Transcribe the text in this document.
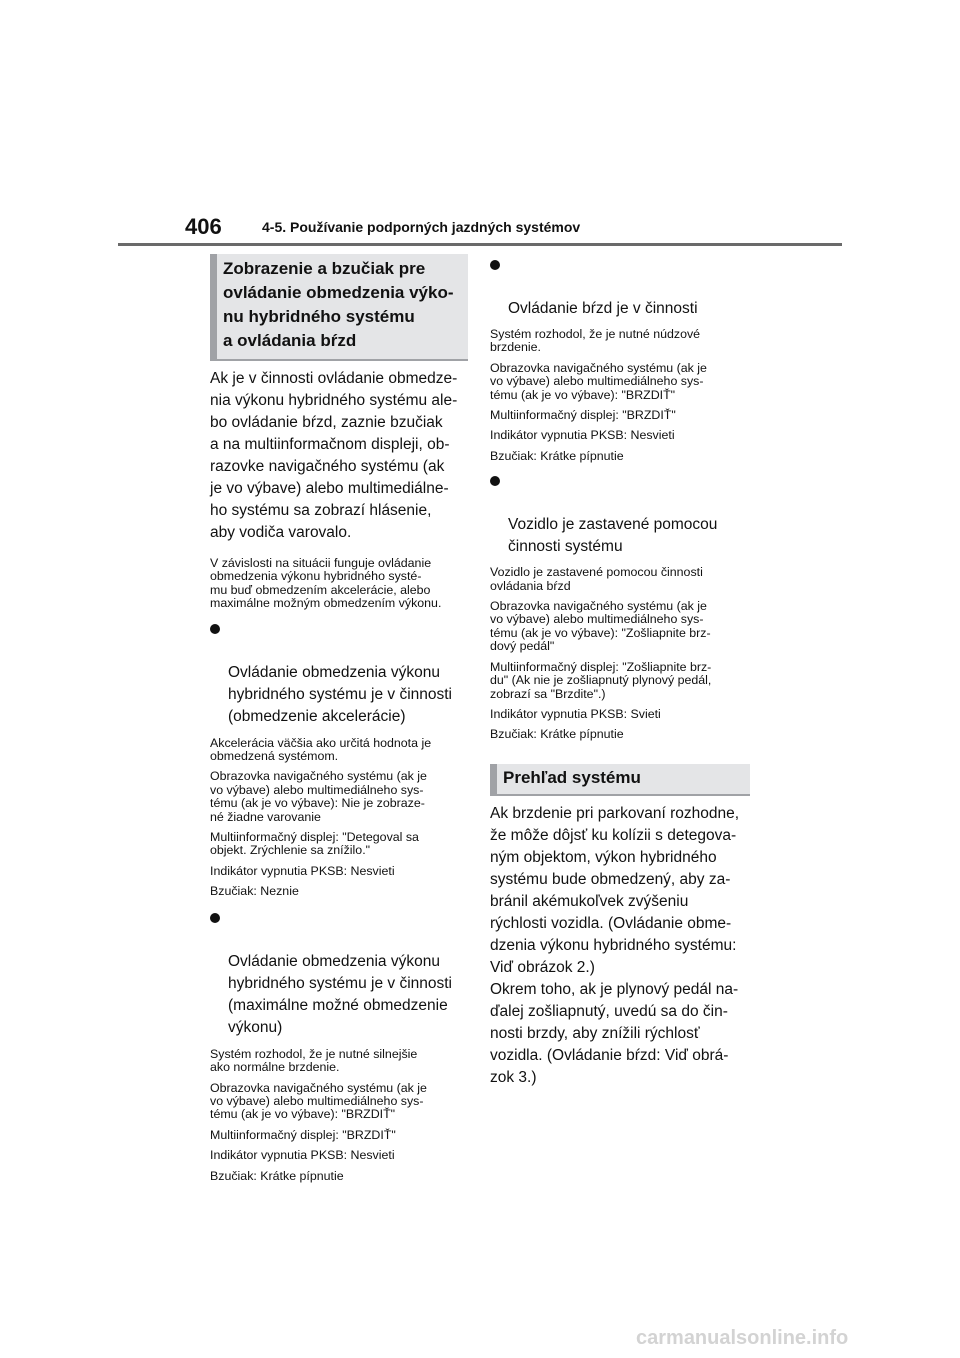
406	4-5. Používanie podporných jazdných systémov
Zobrazenie a bzučiak pre
ovládanie obmedzenia výko-
nu hybridného systému
a ovládania bŕzd

Ak je v činnosti ovládanie obmedze-
nia výkonu hybridného systému ale-
bo ovládanie bŕzd, zaznie bzučiak
a na multiinformačnom displeji, ob-
razovke navigačného systému (ak
je vo výbave) alebo multimediálne-
ho systému sa zobrazí hlásenie,
aby vodiča varovalo.

V závislosti na situácii funguje ovládanie
obmedzenia výkonu hybridného systé-
mu buď obmedzením akcelerácie, alebo
maximálne možným obmedzením výkonu.

Ovládanie obmedzenia výkonu
hybridného systému je v činnosti
(obmedzenie akcelerácie)

Akcelerácia väčšia ako určitá hodnota je
obmedzená systémom.

Obrazovka navigačného systému (ak je
vo výbave) alebo multimediálneho sys-
tému (ak je vo výbave): Nie je zobraze-
né žiadne varovanie

Multiinformačný displej: "Detegoval sa
objekt. Zrýchlenie sa znížilo."

Indikátor vypnutia PKSB: Nesvieti

Bzučiak: Neznie

Ovládanie obmedzenia výkonu
hybridného systému je v činnosti
(maximálne možné obmedzenie
výkonu)

Systém rozhodol, že je nutné silnejšie
ako normálne brzdenie.

Obrazovka navigačného systému (ak je
vo výbave) alebo multimediálneho sys-
tému (ak je vo výbave): "BRZDIŤ"

Multiinformačný displej: "BRZDIŤ"

Indikátor vypnutia PKSB: Nesvieti

Bzučiak: Krátke pípnutie

Ovládanie bŕzd je v činnosti

Systém rozhodol, že je nutné núdzové
brzdenie.

Obrazovka navigačného systému (ak je
vo výbave) alebo multimediálneho sys-
tému (ak je vo výbave): "BRZDIŤ"

Multiinformačný displej: "BRZDIŤ"

Indikátor vypnutia PKSB: Nesvieti

Bzučiak: Krátke pípnutie

Vozidlo je zastavené pomocou
činnosti systému

Vozidlo je zastavené pomocou činnosti
ovládania bŕzd

Obrazovka navigačného systému (ak je
vo výbave) alebo multimediálneho sys-
tému (ak je vo výbave): "Zošliapnite brz-
dový pedál"

Multiinformačný displej: "Zošliapnite brz-
du" (Ak nie je zošliapnutý plynový pedál,
zobrazí sa "Brzdite".)

Indikátor vypnutia PKSB: Svieti

Bzučiak: Krátke pípnutie

Prehľad systému

Ak brzdenie pri parkovaní rozhodne,
že môže dôjsť ku kolízii s detegova-
ným objektom, výkon hybridného
systému bude obmedzený, aby za-
bránil akémukoľvek zvýšeniu
rýchlosti vozidla. (Ovládanie obme-
dzenia výkonu hybridného systému:
Viď obrázok 2.)
Okrem toho, ak je plynový pedál na-
ďalej zošliapnutý, uvedú sa do čin-
nosti brzdy, aby znížili rýchlosť
vozidla. (Ovládanie bŕzd: Viď obrá-
zok 3.)

carmanualsonline.info
